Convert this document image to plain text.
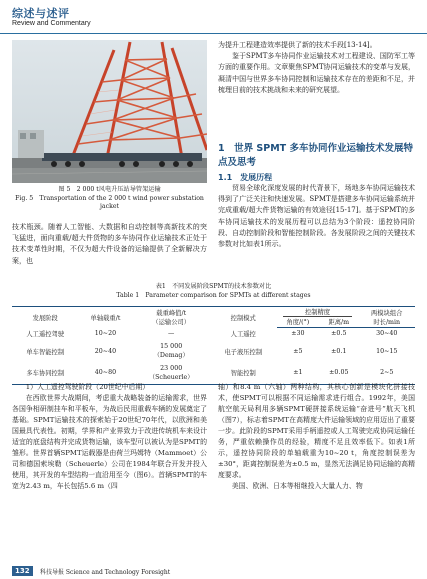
综述与述评
Review and Commentary
图 5　2 000 t风电升压站导管架运输
Fig. 5　Transportation of the 2 000 t wind power substation jacket

技术瓶颈。随着人工智能、大数据和自动控制等高新技术的突飞猛进，面向重载/超大件货物的多车协同作业运输技术正处于技术变革性时期，不仅为超大件设备的运输提供了全新解决方案，也

为提升工程建造效率提供了新的技术手段[13-14]。

鉴于SPMT多车协同作业运输技术对工程建设、国防军工等方面的重要作用。文章聚焦SPMT协同运输技术的变革与发展，凝清中国与世界多车协同控制和运输技术存在的差距和不足，并梳理目前的技术挑战和未来的研究展望。

1　世界 SPMT 多车协同作业运输技术发展特点及思考
1.1　发展历程

贸易全球化深度发展的时代背景下，场地多车协同运输技术得到了广泛关注和快速发展。SPMT是搭建多车协同运输系统并完成重载/超大件货物运输的有效途径[15-17]。基于SPMT的多车协同运输技术的发展历程可以总结为3个阶段：遥控协同阶段、自动控制阶段和智能控制阶段。各发展阶段之间的关键技术参数对比如表1所示。

表1　不同发展阶段SPMT的技术参数对比
Table 1　Parameter comparison for SPMTs at different stages
发展阶段	单轴载重/t	载重峰值/t
（运输公司）	控制模式	控制精度		两模块组合
				角度/(°)	距离/m	时长/min
人工遥控驾驶	10~20	—	人工遥控	±30	±0.5	30~40
单车智能控制	20~40	15 000
（Demag）	电子液压控制	±5	±0.1	10~15
多车协同控制	40~80	23 000
（Scheuerle）	智能控制	±1	±0.05	2~5

1）人工遥控驾驶阶段（20世纪中后期）

在西欧世界大战期间，考虑重大战略装备的运输需求，世界各国争相研制挂车和平板车，为战后民用重载车辆的发展奠定了基础。SPMT运输技术的探索始于20世纪70年代，以欧洲和美国最具代表性。初期，学界和产业界致力于改进传统机车来设计适宜的底盘结构并完成货物运输，该车型可以被认为是SPMT的雏形。世界首辆SPMT运载器是由荷兰玛姆特（Mammoet）公司和德国索埃勒（Scheuerle）公司在1984年联合开发并投入使用，其开发的车型结构一直沿用至今（图6）。首辆SPMT的车宽为2.43 m，车长包括5.6 m（四

轴）和8.4 m（六轴）两种结构，其核心创新是模块化拼接技术，使SPMT可以根据不同运输需求进行组合。1992年，美国航空航天局利用多辆SPMT硬拼接系统运输“奋进号”航天飞机（图7），标志着SPMT在高精度大件运输领域的应用迈出了重要一步。此阶段的SPMT采用手柄遥控或人工驾驶完成协同运输任务，严重依赖操作员的经验，精度不足且效率低下。如表1所示，遥控协同阶段的单轴载重为10~20 t，角度控制误差为±30°，距离控制误差为±0.5 m，显然无法满足协同运输的高精度要求。

美国、欧洲、日本等相继投入大量人力、物

132	科技导报 Science and Technology Foresight
